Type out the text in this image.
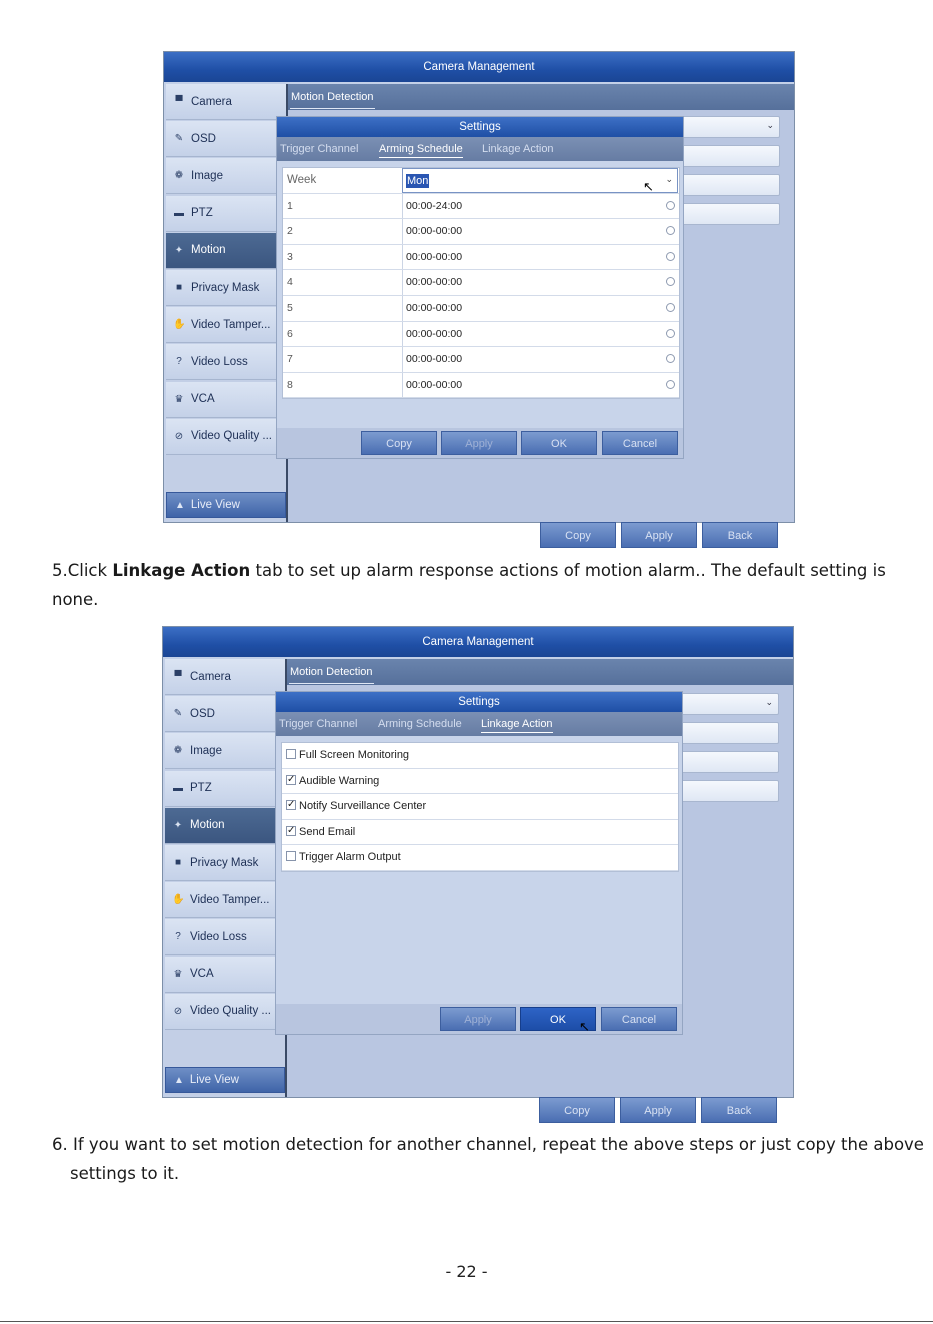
Camera Management
⊘ Video Quality ...
♛ VCA
? Video Loss
✋ Video Tamper...
■ Privacy Mask
✦ Motion
▬ PTZ
❁ Image
✎ OSD
▀ Camera
▲ Live View
Motion Detection
⌄
Copy	Apply	Back
Settings
Trigger Channel Arming Schedule Linkage Action
Week	Mon	↖ ⌄
1	00:00-24:00
2	00:00-00:00
3	00:00-00:00
4	00:00-00:00
5	00:00-00:00
6	00:00-00:00
7	00:00-00:00
8	00:00-00:00
Copy	Apply	OK	Cancel
5.Click Linkage Action tab to set up alarm response actions of motion alarm.. The default setting is none.
Camera Management
⊘ Video Quality ...
♛ VCA
? Video Loss
✋ Video Tamper...
■ Privacy Mask
✦ Motion
▬ PTZ
❁ Image
✎ OSD
▀ Camera
▲ Live View
Motion Detection
⌄
Copy	Apply	Back
Settings
Trigger Channel Arming Schedule Linkage Action
Full Screen Monitoring
✓ Audible Warning
✓ Notify Surveillance Center
✓ Send Email
Trigger Alarm Output
Apply	OK	Cancel
↖
6. If you want to set motion detection for another channel, repeat the above steps or just copy the above
settings to it.
- 22 -
